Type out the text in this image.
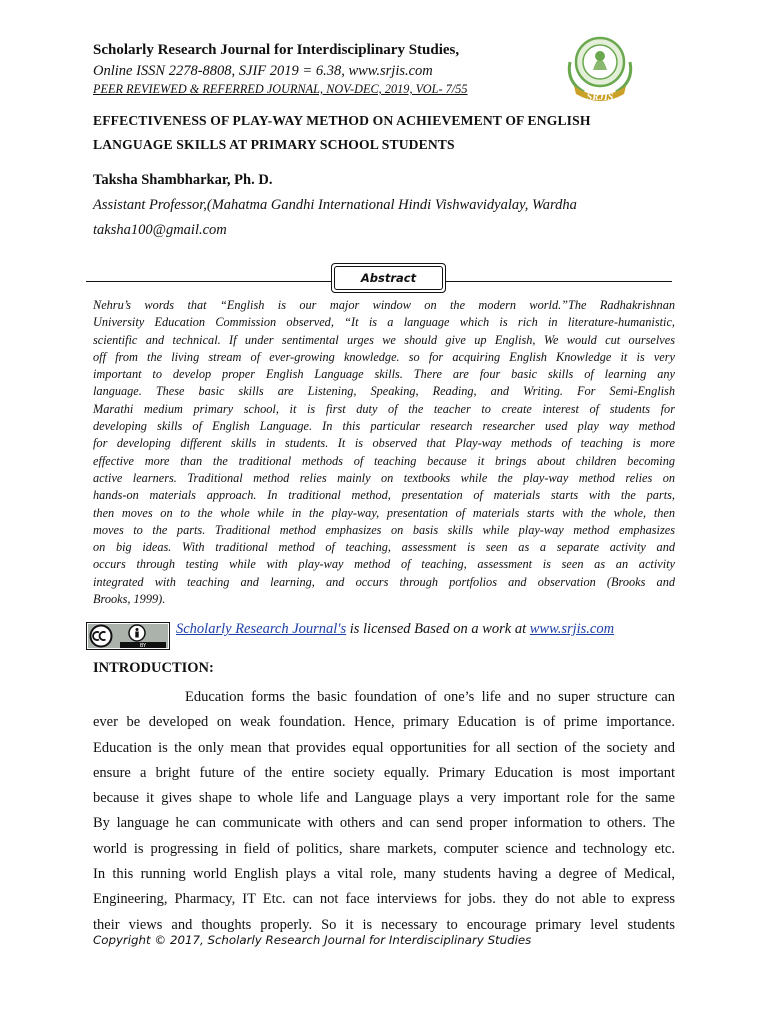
Scholarly Research Journal for Interdisciplinary Studies,
Online ISSN 2278-8808, SJIF 2019 = 6.38, www.srjis.com
PEER REVIEWED & REFERRED JOURNAL, NOV-DEC, 2019, VOL- 7/55
SRJIS
EFFECTIVENESS OF PLAY-WAY METHOD ON ACHIEVEMENT OF ENGLISH
LANGUAGE SKILLS AT PRIMARY SCHOOL STUDENTS
Taksha Shambharkar, Ph. D.
Assistant Professor,(Mahatma Gandhi International Hindi Vishwavidyalay, Wardha
taksha100@gmail.com
Abstract
Nehru’s words that “English is our major window on the modern world.”The Radhakrishnan
University Education Commission observed, “It is a language which is rich in literature-humanistic,
scientific and technical. If under sentimental urges we should give up English, We would cut ourselves
off from the living stream of ever-growing knowledge. so for acquiring English Knowledge it is very
important to develop proper English Language skills. There are four basic skills of learning any
language. These basic skills are Listening, Speaking, Reading, and Writing. For Semi-English
Marathi medium primary school, it is first duty of the teacher to create interest of students for
developing skills of English Language. In this particular research researcher used play way method
for developing different skills in students. It is observed that Play-way methods of teaching is more
effective more than the traditional methods of teaching because it brings about children becoming
active learners. Traditional method relies mainly on textbooks while the play-way method relies on
hands-on materials approach. In traditional method, presentation of materials starts with the parts,
then moves on to the whole while in the play-way, presentation of materials starts with the whole, then
moves to the parts. Traditional method emphasizes on basis skills while play-way method emphasizes
on big ideas. With traditional method of teaching, assessment is seen as a separate activity and
occurs through testing while with play-way method of teaching, assessment is seen as an activity
integrated with teaching and learning, and occurs through portfolios and observation (Brooks and
Brooks, 1999).
BY
Scholarly Research Journal's is licensed Based on a work at www.srjis.com
INTRODUCTION:
Education forms the basic foundation of one’s life and no super structure can
ever be developed on weak foundation. Hence, primary Education is of prime importance.
Education is the only mean that provides equal opportunities for all section of the society and
ensure a bright future of the entire society equally. Primary Education is most important
because it gives shape to whole life and Language plays a very important role for the same
By language he can communicate with others and can send proper information to others. The
world is progressing in field of politics, share markets, computer science and technology etc.
In this running world English plays a vital role, many students having a degree of Medical,
Engineering, Pharmacy, IT Etc. can not face interviews for jobs. they do not able to express
their views and thoughts properly. So it is necessary to encourage primary level students
Copyright © 2017, Scholarly Research Journal for Interdisciplinary Studies
